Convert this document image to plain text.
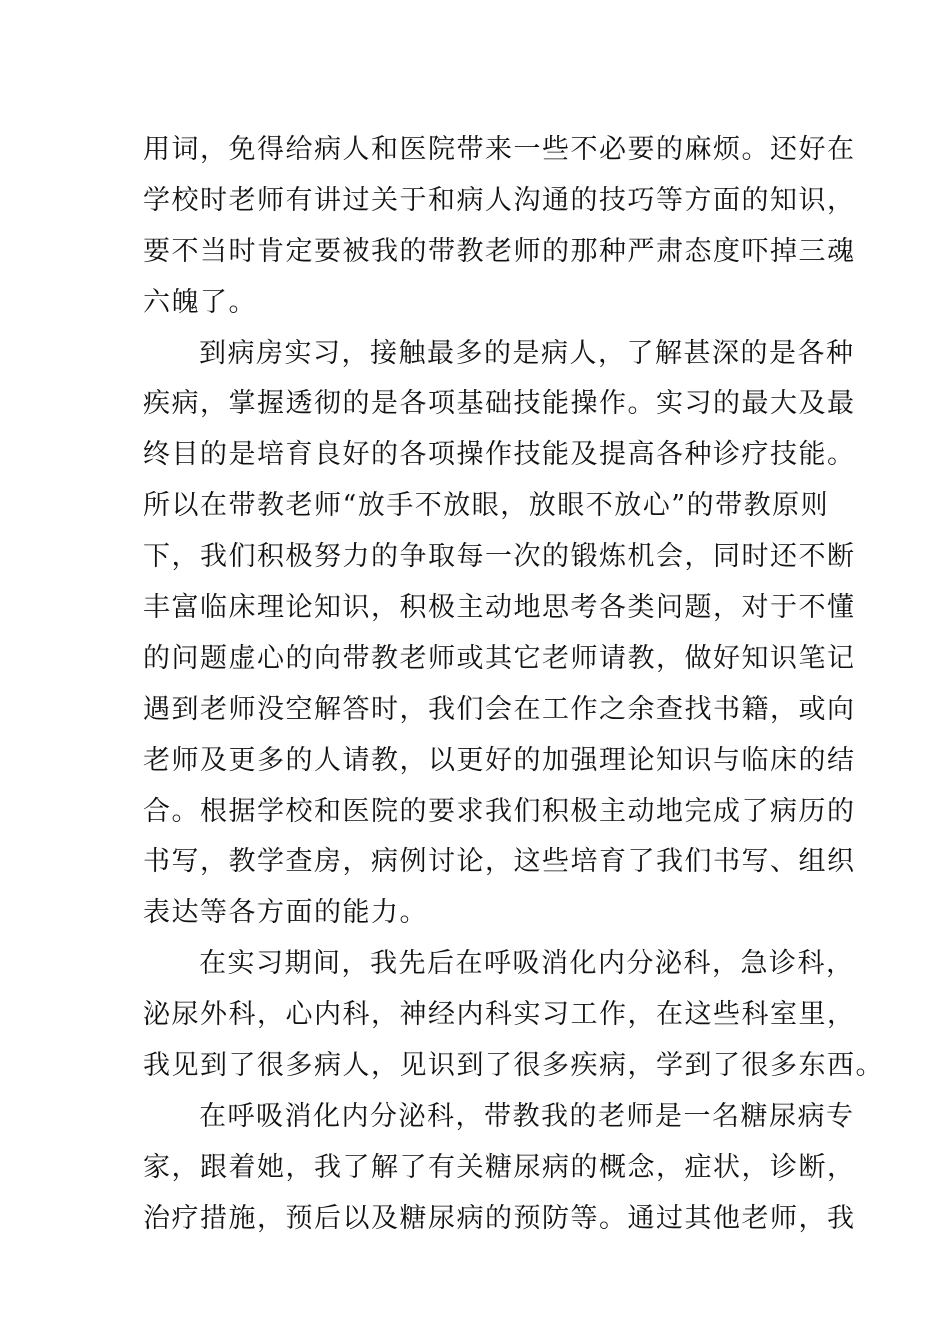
用词，免得给病人和医院带来一些不必要的麻烦。还好在
学校时老师有讲过关于和病人沟通的技巧等方面的知识，
要不当时肯定要被我的带教老师的那种严肃态度吓掉三魂
六魄了。
到病房实习，接触最多的是病人，了解甚深的是各种
疾病，掌握透彻的是各项基础技能操作。实习的最大及最
终目的是培育良好的各项操作技能及提高各种诊疗技能。
所以在带教老师“放手不放眼，放眼不放心”的带教原则
下，我们积极努力的争取每一次的锻炼机会，同时还不断
丰富临床理论知识，积极主动地思考各类问题，对于不懂
的问题虚心的向带教老师或其它老师请教，做好知识笔记
遇到老师没空解答时，我们会在工作之余查找书籍，或向
老师及更多的人请教，以更好的加强理论知识与临床的结
合。根据学校和医院的要求我们积极主动地完成了病历的
书写，教学查房，病例讨论，这些培育了我们书写、组织
表达等各方面的能力。
在实习期间，我先后在呼吸消化内分泌科，急诊科，
泌尿外科，心内科，神经内科实习工作，在这些科室里，
我见到了很多病人，见识到了很多疾病，学到了很多东西。
在呼吸消化内分泌科，带教我的老师是一名糖尿病专
家，跟着她，我了解了有关糖尿病的概念，症状，诊断，
治疗措施，预后以及糖尿病的预防等。通过其他老师，我
